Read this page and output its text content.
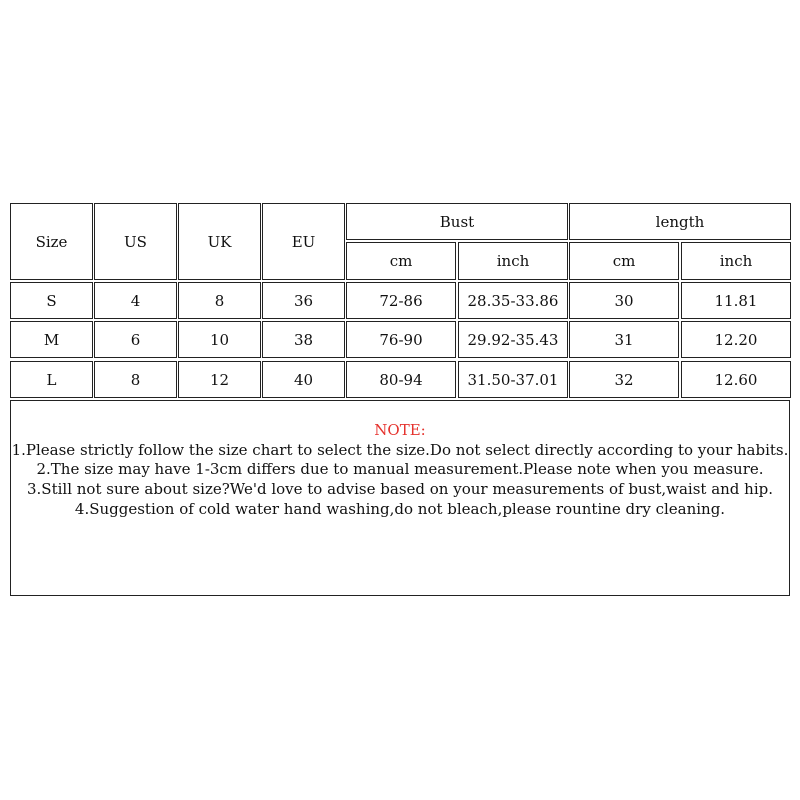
Size	US	UK	EU
Bust	length
cm	inch	cm	inch
S	4	8	36	72-86	28.35-33.86	30	11.81
M	6	10	38	76-90	29.92-35.43	31	12.20
L	8	12	40	80-94	31.50-37.01	32	12.60

NOTE:

1.Please strictly follow the size chart to select the size.Do not select directly according to your habits.

2.The size may have 1-3cm differs due to manual measurement.Please note when you measure.

3.Still not sure about size?We'd love to advise based on your measurements of bust,waist and hip.

4.Suggestion of cold water hand washing,do not bleach,please rountine dry cleaning.
